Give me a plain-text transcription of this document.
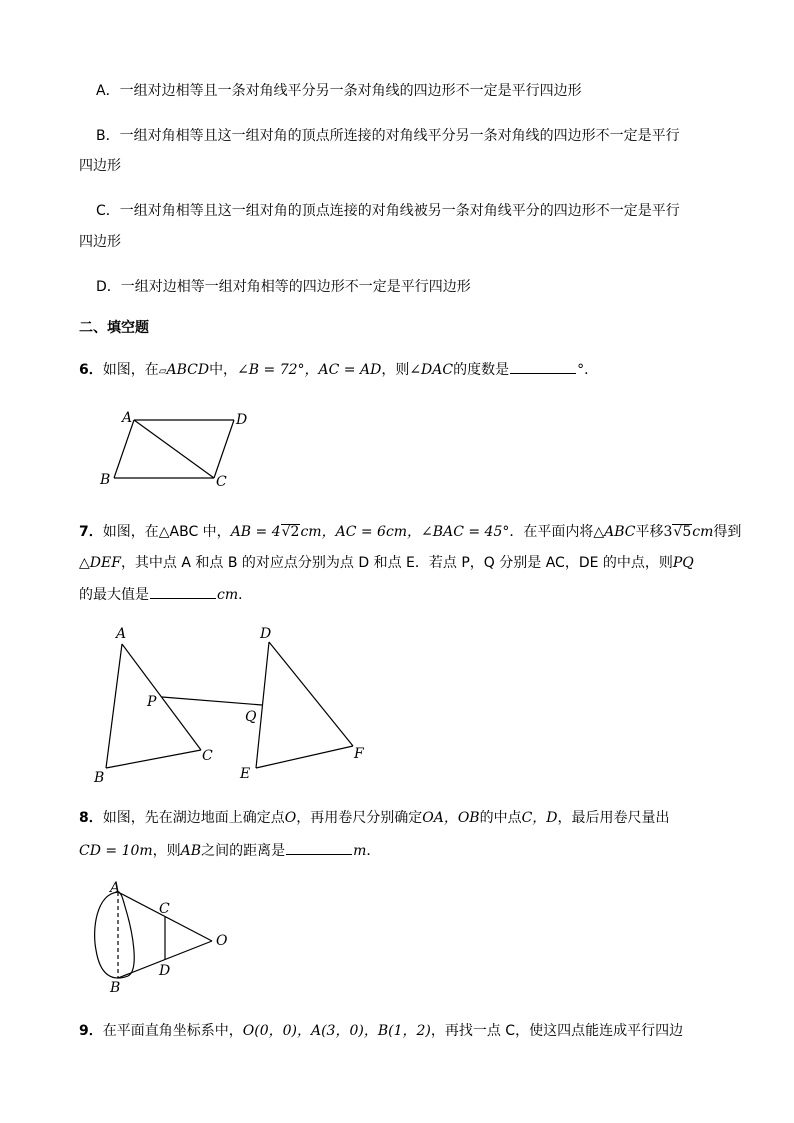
A．一组对边相等且一条对角线平分另一条对角线的四边形不一定是平行四边形
B．一组对角相等且这一组对角的顶点所连接的对角线平分另一条对角线的四边形不一定是平行
四边形
C．一组对角相等且这一组对角的顶点连接的对角线被另一条对角线平分的四边形不一定是平行
四边形
D．一组对边相等一组对角相等的四边形不一定是平行四边形
二、填空题
6．如图，在▱ABCD中，∠B = 72°，AC = AD，则∠DAC的度数是	°．
A	D
B	C
7．如图，在△ABC 中，AB = 4√2cm，AC = 6cm，∠BAC = 45°．在平面内将△ABC平移3√5cm得到
△DEF，其中点 A 和点 B 的对应点分别为点 D 和点 E．若点 P，Q 分别是 AC，DE 的中点，则PQ
的最大值是	cm．
A
B
C
P
D
E
F
Q
8．如图，先在湖边地面上确定点O，再用卷尺分别确定OA，OB的中点C，D，最后用卷尺量出
CD = 10m，则AB之间的距离是	m．
A
B
C
D
O
9．在平面直角坐标系中，O(0，0)，A(3，0)，B(1，2)，再找一点 C，使这四点能连成平行四边
